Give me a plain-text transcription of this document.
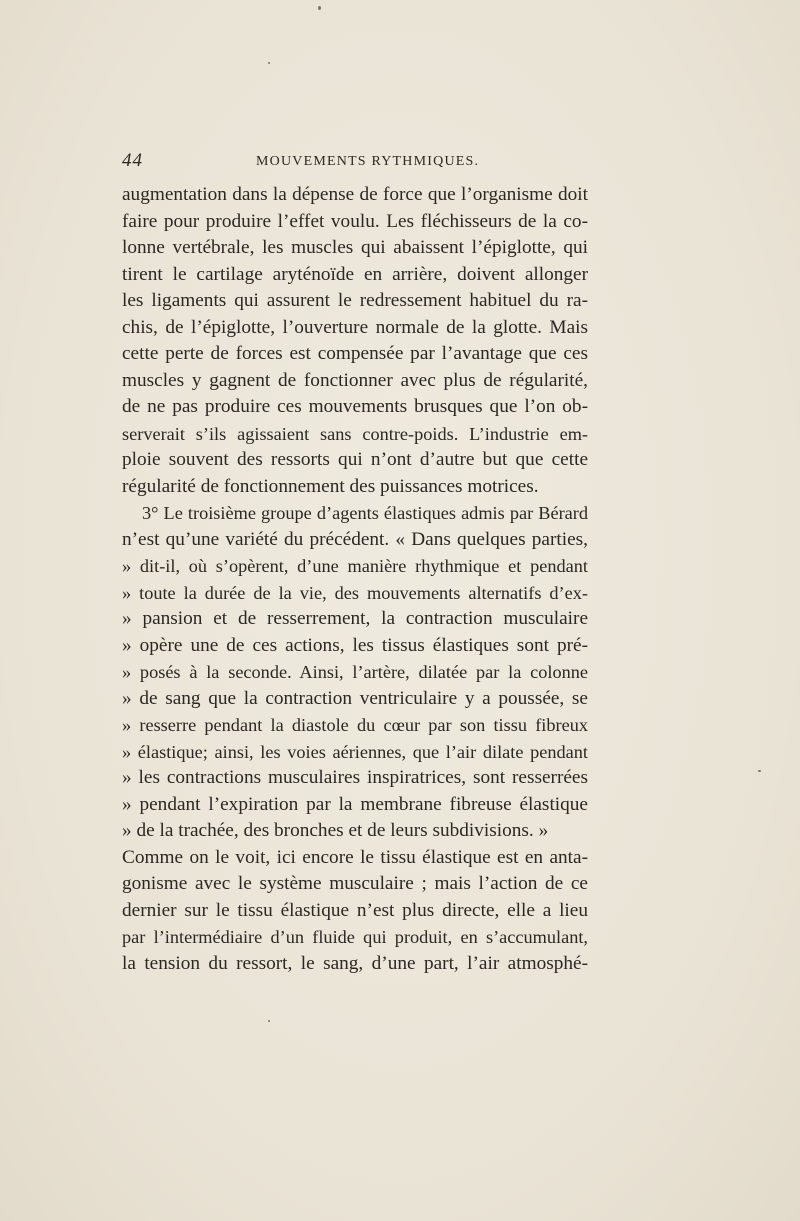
44	MOUVEMENTS RYTHMIQUES.
augmentation dans la dépense de force que l’organisme doit
faire pour produire l’effet voulu. Les fléchisseurs de la co-
lonne vertébrale, les muscles qui abaissent l’épiglotte, qui
tirent le cartilage aryténoïde en arrière, doivent allonger
les ligaments qui assurent le redressement habituel du ra-
chis, de l’épiglotte, l’ouverture normale de la glotte. Mais
cette perte de forces est compensée par l’avantage que ces
muscles y gagnent de fonctionner avec plus de régularité,
de ne pas produire ces mouvements brusques que l’on ob-
serverait s’ils agissaient sans contre-poids. L’industrie em-
ploie souvent des ressorts qui n’ont d’autre but que cette
régularité de fonctionnement des puissances motrices.
3° Le troisième groupe d’agents élastiques admis par Bérard
n’est qu’une variété du précédent. « Dans quelques parties,
» dit-il, où s’opèrent, d’une manière rhythmique et pendant
» toute la durée de la vie, des mouvements alternatifs d’ex-
» pansion et de resserrement, la contraction musculaire
» opère une de ces actions, les tissus élastiques sont pré-
» posés à la seconde. Ainsi, l’artère, dilatée par la colonne
» de sang que la contraction ventriculaire y a poussée, se
» resserre pendant la diastole du cœur par son tissu fibreux
» élastique; ainsi, les voies aériennes, que l’air dilate pendant
» les contractions musculaires inspiratrices, sont resserrées
» pendant l’expiration par la membrane fibreuse élastique
» de la trachée, des bronches et de leurs subdivisions. »
Comme on le voit, ici encore le tissu élastique est en anta-
gonisme avec le système musculaire ; mais l’action de ce
dernier sur le tissu élastique n’est plus directe, elle a lieu
par l’intermédiaire d’un fluide qui produit, en s’accumulant,
la tension du ressort, le sang, d’une part, l’air atmosphé-
